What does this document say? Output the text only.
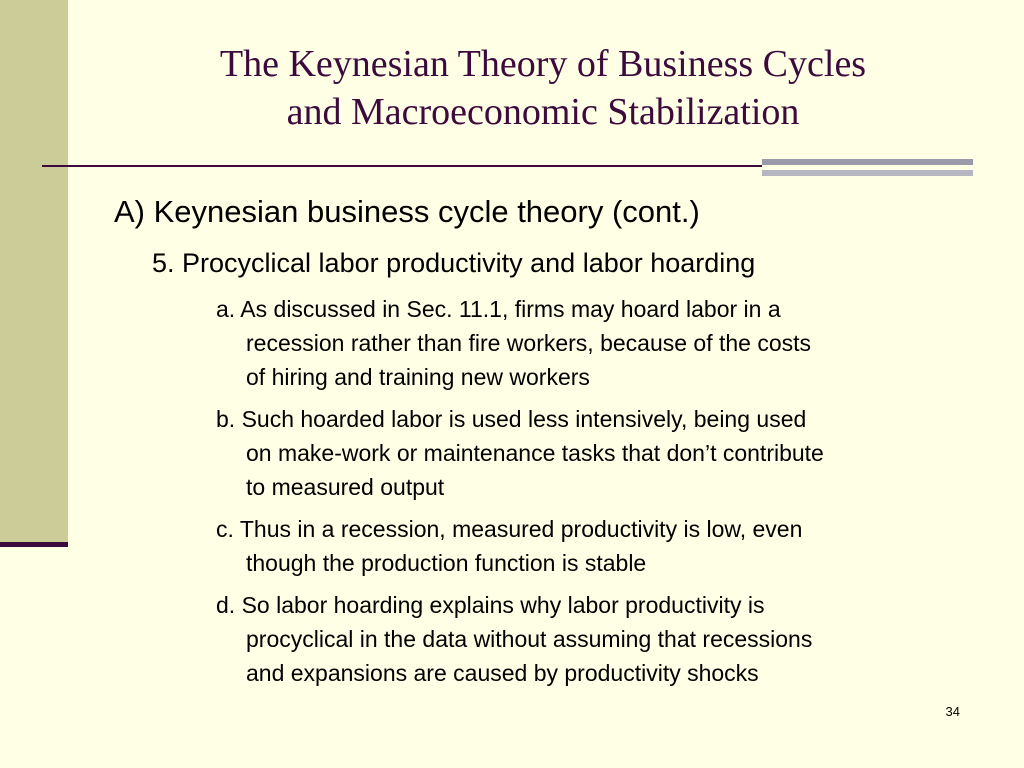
The Keynesian Theory of Business Cycles
and Macroeconomic Stabilization
A) Keynesian business cycle theory (cont.)
5. Procyclical labor productivity and labor hoarding
a. As discussed in Sec. 11.1, firms may hoard labor in a
recession rather than fire workers, because of the costs
of hiring and training new workers
b. Such hoarded labor is used less intensively, being used
on make-work or maintenance tasks that don’t contribute
to measured output
c. Thus in a recession, measured productivity is low, even
though the production function is stable
d. So labor hoarding explains why labor productivity is
procyclical in the data without assuming that recessions
and expansions are caused by productivity shocks
34
